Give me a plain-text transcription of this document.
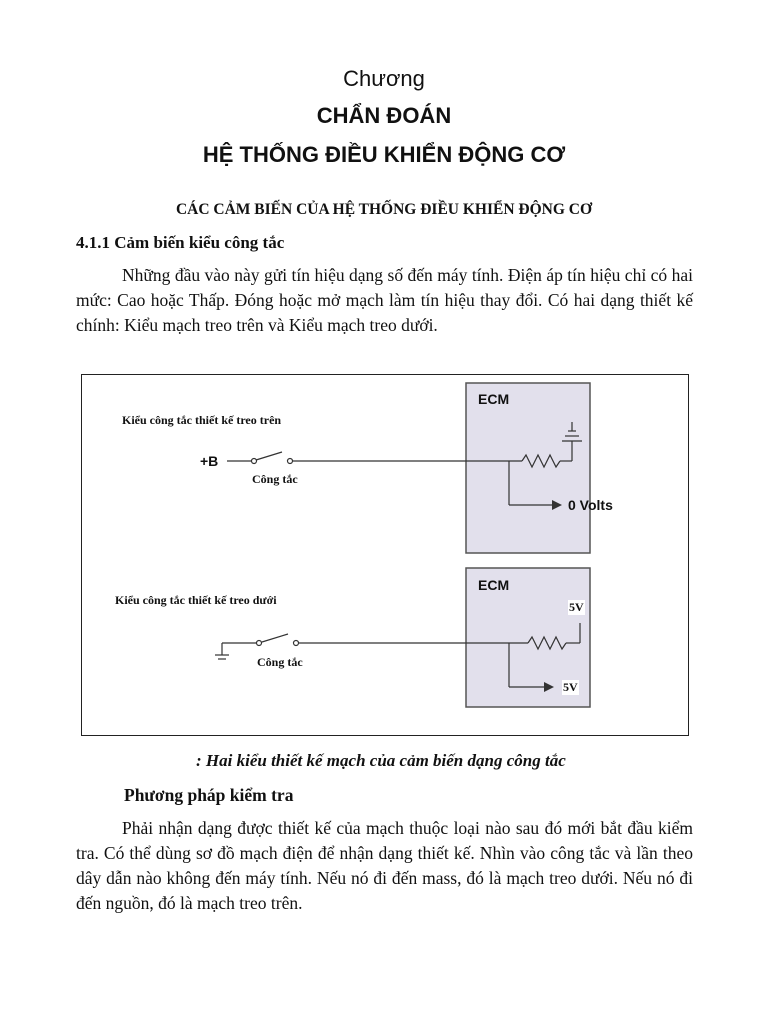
Chương
CHẨN ĐOÁN
HỆ THỐNG ĐIỀU KHIỂN ĐỘNG CƠ
CÁC CẢM BIẾN CỦA HỆ THỐNG ĐIỀU KHIỂN ĐỘNG CƠ
4.1.1 Cảm biến kiểu công tắc

Những đầu vào này gửi tín hiệu dạng số đến máy tính. Điện áp tín hiệu chỉ có hai mức: Cao hoặc Thấp. Đóng hoặc mở mạch làm tín hiệu thay đổi. Có hai dạng thiết kế chính: Kiểu mạch treo trên và Kiểu mạch treo dưới.

Kiểu công tắc thiết kế treo trên
+B
Công tắc
ECM
0 Volts
Kiểu công tắc thiết kế treo dưới
Công tắc
ECM
5V
5V
: Hai kiểu thiết kế mạch của cảm biến dạng công tắc
Phương pháp kiểm tra

Phải nhận dạng được thiết kế của mạch thuộc loại nào sau đó mới bắt đầu kiểm tra. Có thể dùng sơ đồ mạch điện để nhận dạng thiết kế. Nhìn vào công tắc và lần theo dây dẫn nào không đến máy tính. Nếu nó đi đến mass, đó là mạch treo dưới. Nếu nó đi đến nguồn, đó là mạch treo trên.
